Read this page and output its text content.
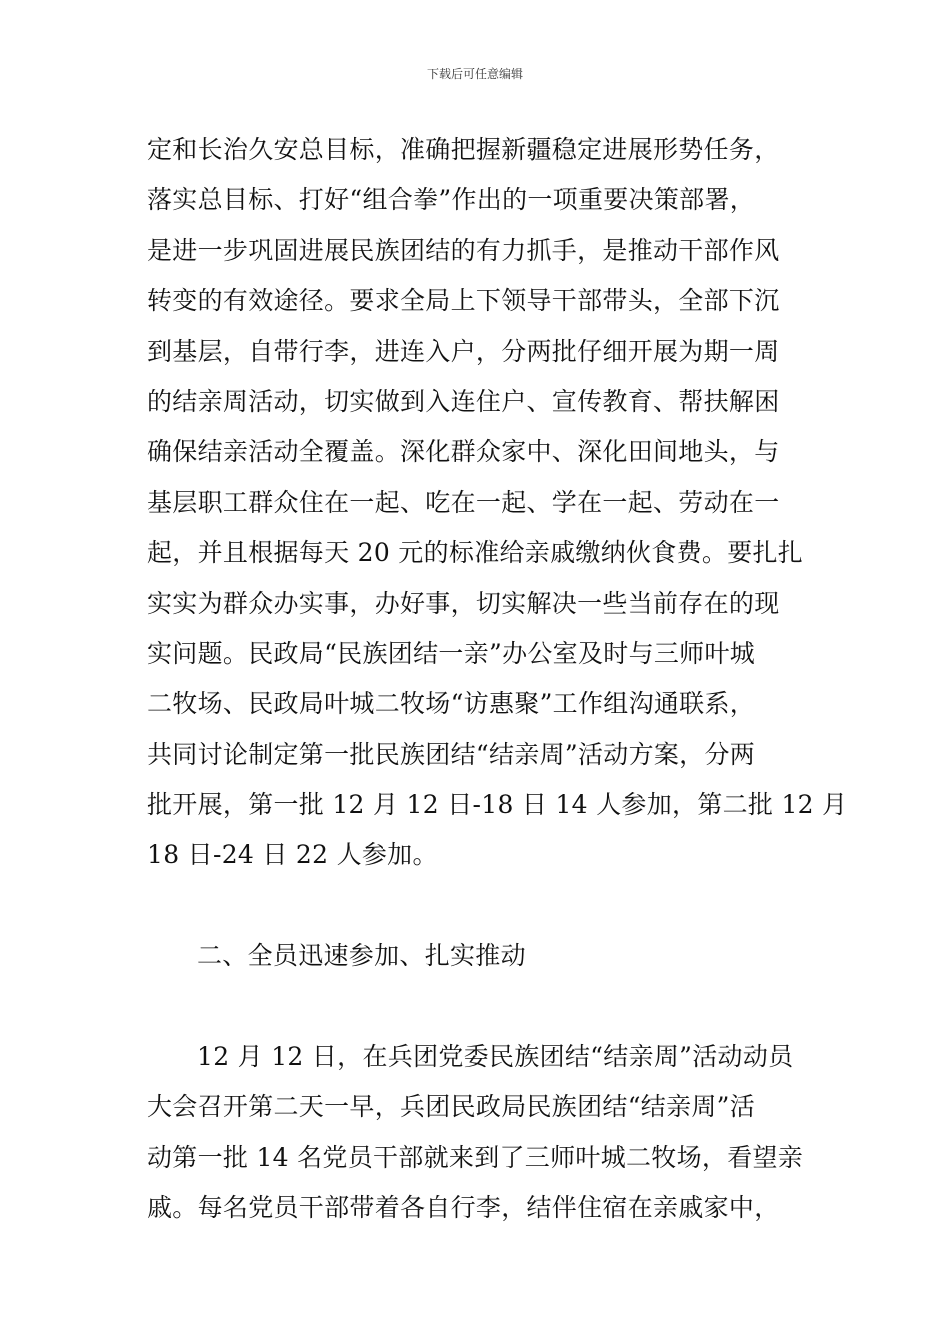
下载后可任意编辑
定和长治久安总目标，准确把握新疆稳定进展形势任务，
落实总目标、打好“组合拳”作出的一项重要决策部署，
是进一步巩固进展民族团结的有力抓手，是推动干部作风
转变的有效途径。要求全局上下领导干部带头，全部下沉
到基层，自带行李，进连入户，分两批仔细开展为期一周
的结亲周活动，切实做到入连住户、宣传教育、帮扶解困
确保结亲活动全覆盖。深化群众家中、深化田间地头，与
基层职工群众住在一起、吃在一起、学在一起、劳动在一
起，并且根据每天 20 元的标准给亲戚缴纳伙食费。要扎扎
实实为群众办实事，办好事，切实解决一些当前存在的现
实问题。民政局“民族团结一亲”办公室及时与三师叶城
二牧场、民政局叶城二牧场“访惠聚”工作组沟通联系，
共同讨论制定第一批民族团结“结亲周”活动方案，分两
批开展，第一批 12 月 12 日-18 日 14 人参加，第二批 12 月
18 日-24 日 22 人参加。
二、全员迅速参加、扎实推动
12 月 12 日，在兵团党委民族团结“结亲周”活动动员
大会召开第二天一早，兵团民政局民族团结“结亲周”活
动第一批 14 名党员干部就来到了三师叶城二牧场，看望亲
戚。每名党员干部带着各自行李，结伴住宿在亲戚家中，
